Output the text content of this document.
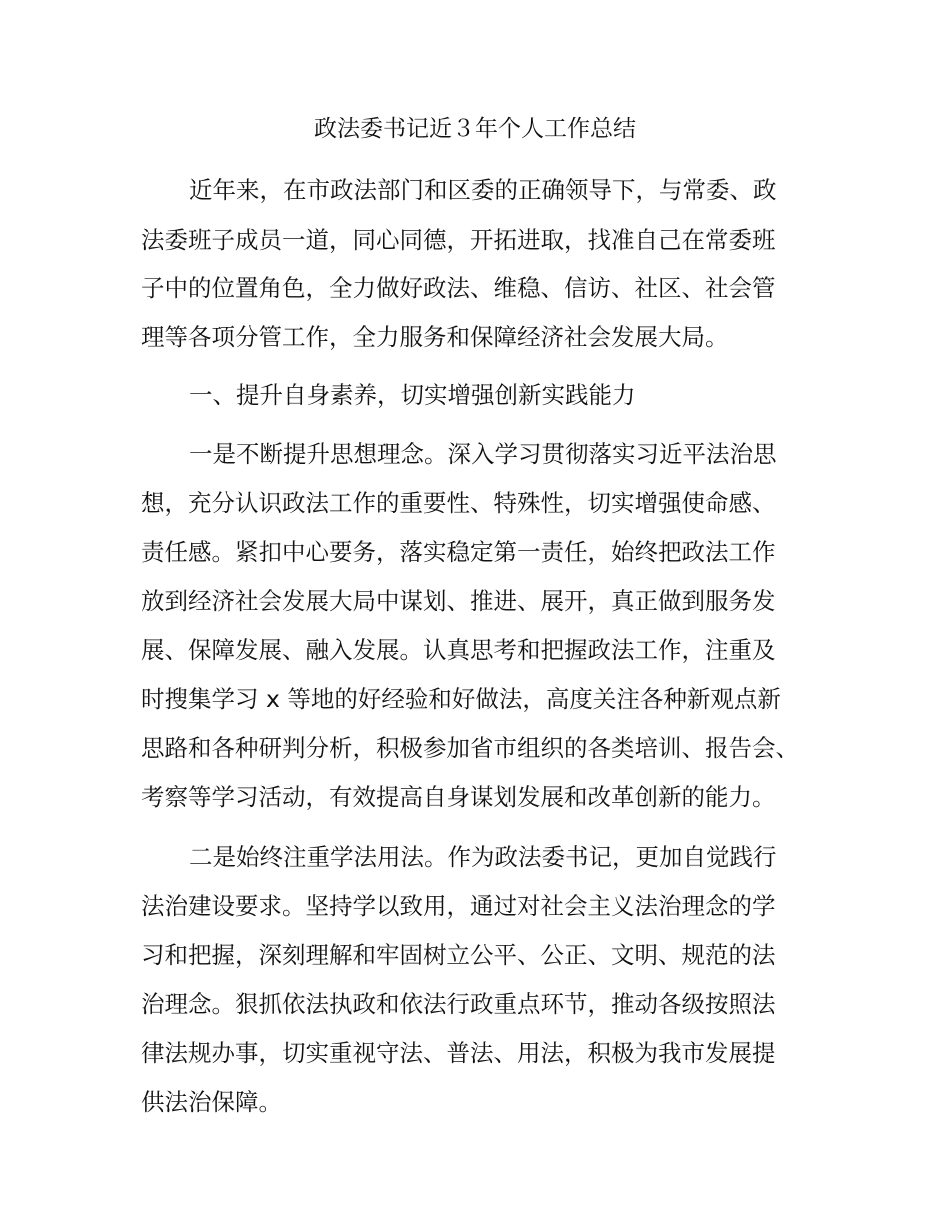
政法委书记近３年个人工作总结
近年来，在市政法部门和区委的正确领导下，与常委、政
法委班子成员一道，同心同德，开拓进取，找准自己在常委班
子中的位置角色，全力做好政法、维稳、信访、社区、社会管
理等各项分管工作，全力服务和保障经济社会发展大局。
一、提升自身素养，切实增强创新实践能力
一是不断提升思想理念。深入学习贯彻落实习近平法治思
想，充分认识政法工作的重要性、特殊性，切实增强使命感、
责任感。紧扣中心要务，落实稳定第一责任，始终把政法工作
放到经济社会发展大局中谋划、推进、展开，真正做到服务发
展、保障发展、融入发展。认真思考和把握政法工作，注重及
时搜集学习 x 等地的好经验和好做法，高度关注各种新观点新
思路和各种研判分析，积极参加省市组织的各类培训、报告会、
考察等学习活动，有效提高自身谋划发展和改革创新的能力。
二是始终注重学法用法。作为政法委书记，更加自觉践行
法治建设要求。坚持学以致用，通过对社会主义法治理念的学
习和把握，深刻理解和牢固树立公平、公正、文明、规范的法
治理念。狠抓依法执政和依法行政重点环节，推动各级按照法
律法规办事，切实重视守法、普法、用法，积极为我市发展提
供法治保障。
